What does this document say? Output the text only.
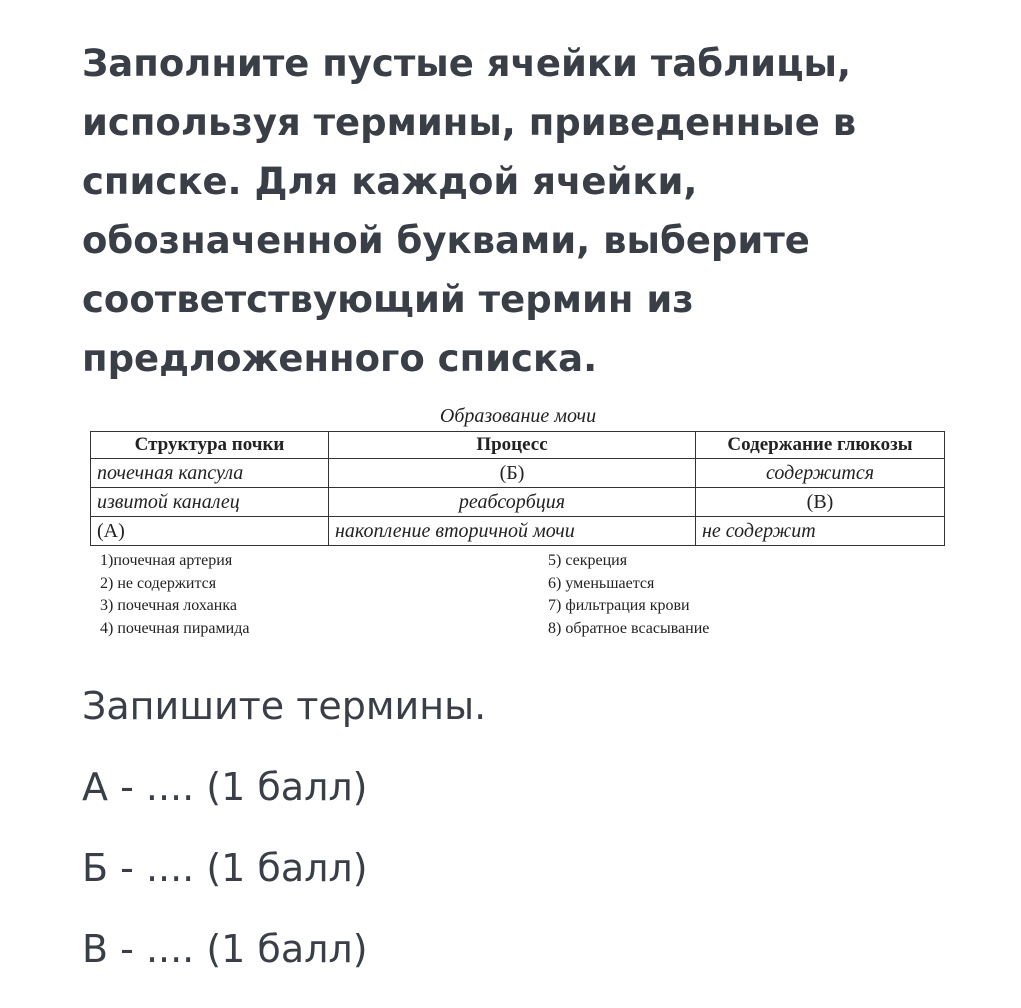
Заполните пустые ячейки таблицы, используя термины, приведенные в списке. Для каждой ячейки, обозначенной буквами, выберите соответствующий термин из предложенного списка.
Образование мочи
Структура почки	Процесс	Содержание глюкозы
почечная капсула	(Б)	содержится
извитой каналец	реабсорбция	(В)
(А)	накопление вторичной мочи	не содержит
1)почечная артерия
2) не содержится
3) почечная лоханка
4) почечная пирамида
5) секреция
6) уменьшается
7) фильтрация крови
8) обратное всасывание
Запишите термины.
А - .... (1 балл)
Б - .... (1 балл)
В - .... (1 балл)
